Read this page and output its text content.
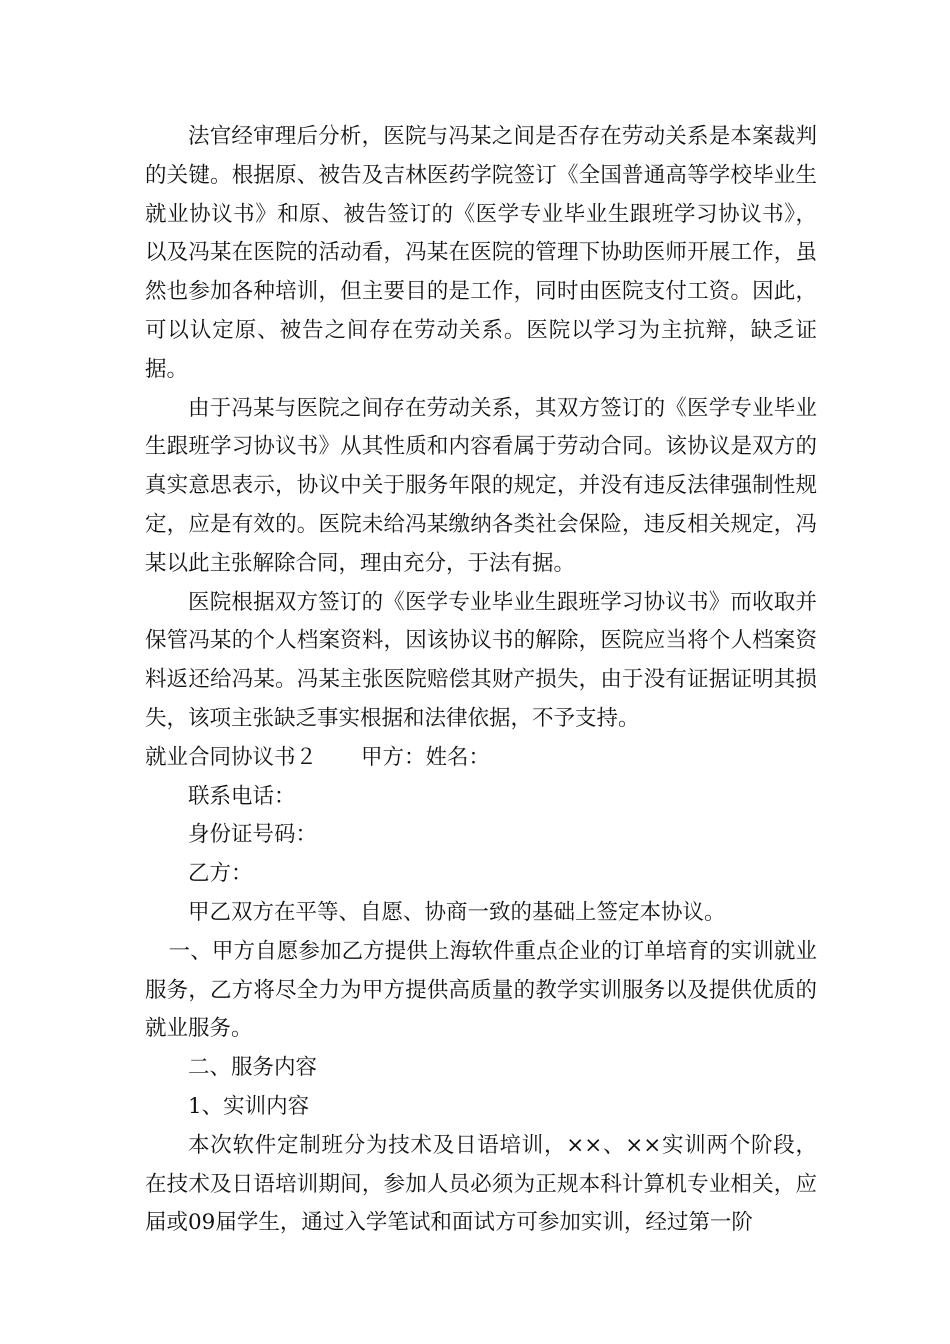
法官经审理后分析，医院与冯某之间是否存在劳动关系是本案裁判的关键。根据原、被告及吉林医药学院签订《全国普通高等学校毕业生就业协议书》和原、被告签订的《医学专业毕业生跟班学习协议书》，以及冯某在医院的活动看，冯某在医院的管理下协助医师开展工作，虽然也参加各种培训，但主要目的是工作，同时由医院支付工资。因此，可以认定原、被告之间存在劳动关系。医院以学习为主抗辩，缺乏证据。

由于冯某与医院之间存在劳动关系，其双方签订的《医学专业毕业生跟班学习协议书》从其性质和内容看属于劳动合同。该协议是双方的真实意思表示，协议中关于服务年限的规定，并没有违反法律强制性规定，应是有效的。医院未给冯某缴纳各类社会保险，违反相关规定，冯某以此主张解除合同，理由充分，于法有据。

医院根据双方签订的《医学专业毕业生跟班学习协议书》而收取并保管冯某的个人档案资料，因该协议书的解除，医院应当将个人档案资料返还给冯某。冯某主张医院赔偿其财产损失，由于没有证据证明其损失，该项主张缺乏事实根据和法律依据，不予支持。

就业合同协议书２ 甲方：姓名：

联系电话：

身份证号码：

乙方：

甲乙双方在平等、自愿、协商一致的基础上签定本协议。

一、甲方自愿参加乙方提供上海软件重点企业的订单培育的实训就业服务，乙方将尽全力为甲方提供高质量的教学实训服务以及提供优质的就业服务。

二、服务内容

1、实训内容

本次软件定制班分为技术及日语培训，××、××实训两个阶段，在技术及日语培训期间，参加人员必须为正规本科计算机专业相关，应届或09届学生，通过入学笔试和面试方可参加实训，经过第一阶
